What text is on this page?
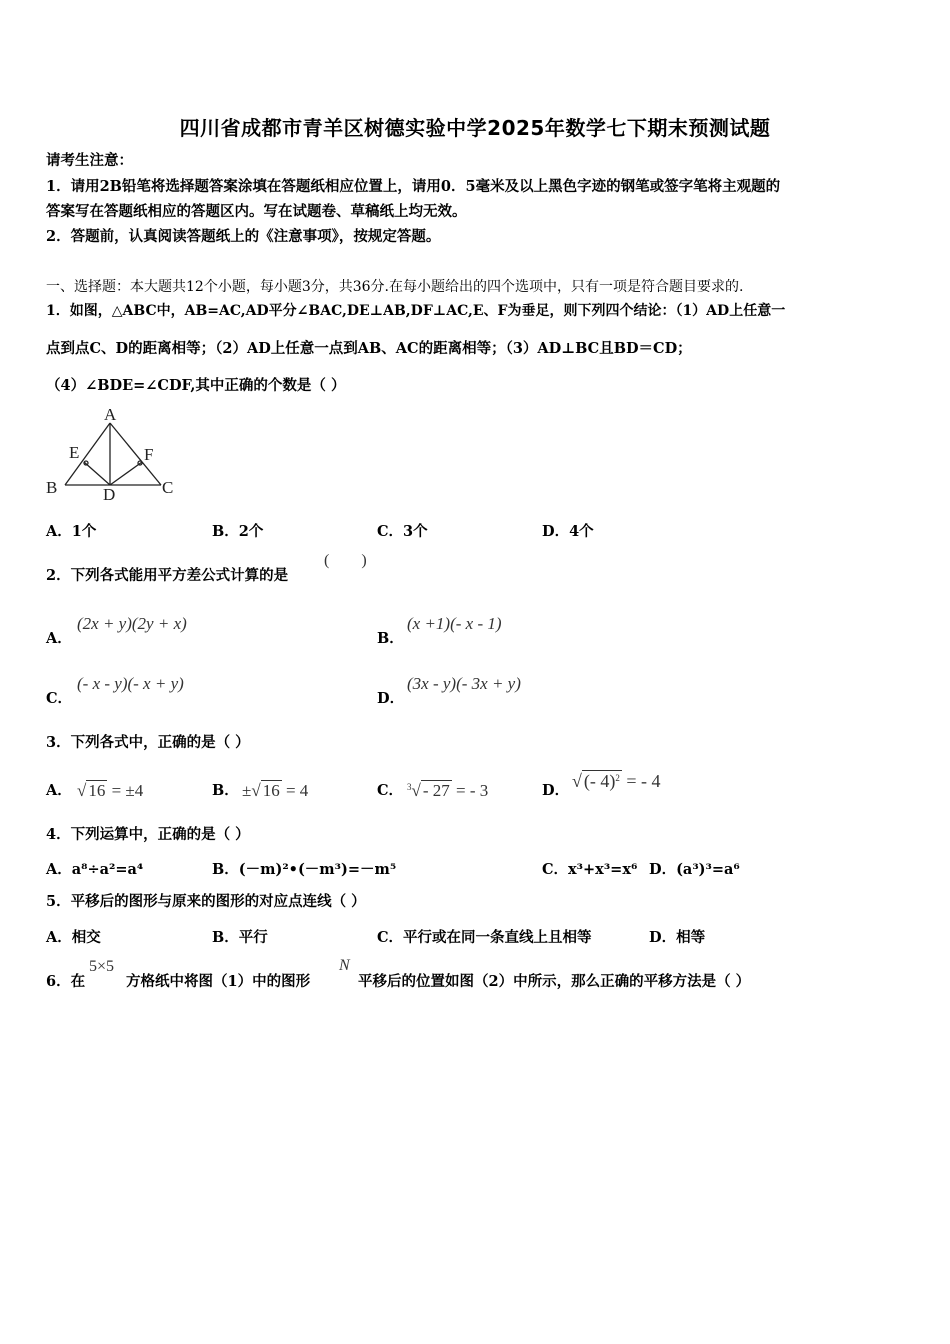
四川省成都市青羊区树德实验中学2025年数学七下期末预测试题
请考生注意：
1．请用2B铅笔将选择题答案涂填在答题纸相应位置上，请用0．5毫米及以上黑色字迹的钢笔或签字笔将主观题的
答案写在答题纸相应的答题区内。写在试题卷、草稿纸上均无效。
2．答题前，认真阅读答题纸上的《注意事项》，按规定答题。
一、选择题：本大题共12个小题，每小题3分，共36分.在每小题给出的四个选项中，只有一项是符合题目要求的.
1．如图，△ABC中，AB=AC,AD平分∠BAC,DE⊥AB,DF⊥AC,E、F为垂足，则下列四个结论：（1）AD上任意一
点到点C、D的距离相等；（2）AD上任意一点到AB、AC的距离相等；（3）AD⊥BC且BD＝CD；
（4）∠BDE=∠CDF,其中正确的个数是（ ）
A
E	F
B	D	C
A．1个	B．2个	C．3个	D．4个
2．下列各式能用平方差公式计算的是
(        )
A．
(2x + y)(2y + x)
B．
(x +1)(- x - 1)
C．
(- x - y)(- x + y)
D．
(3x - y)(- 3x + y)
3．下列各式中，正确的是（ ）
A． √ 16 = ±4	B． ±√ 16 = 4	C． $^3$√ - 27 = - 3	D． √ (- 4)$^2$ = - 4
4．下列运算中，正确的是（ ）
A．a⁸÷a²=a⁴	B．(－m)²•(－m³)=－m⁵	C．x³+x³=x⁶ D．(a³)³=a⁶
5．平移后的图形与原来的图形的对应点连线（ ）
A．相交	B．平行	C．平行或在同一条直线上且相等	D．相等
6．在
5×5
方格纸中将图（1）中的图形
N
平移后的位置如图（2）中所示，那么正确的平移方法是（ ）
